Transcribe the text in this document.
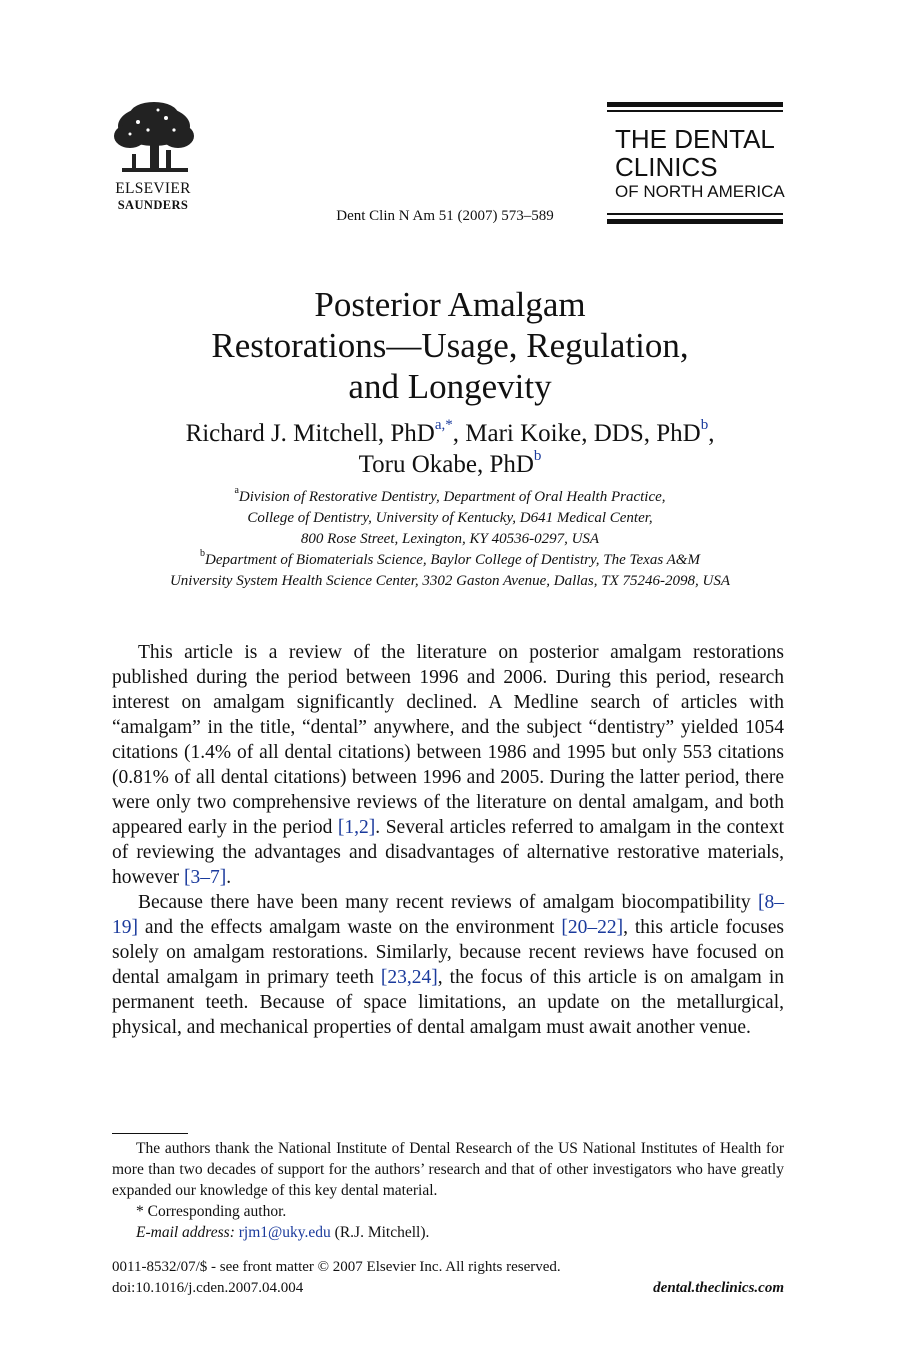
ELSEVIER
SAUNDERS
Dent Clin N Am 51 (2007) 573–589
THE DENTAL
CLINICS
OF NORTH AMERICA
Posterior Amalgam
Restorations—Usage, Regulation,
and Longevity
Richard J. Mitchell, PhD$^{a,*}$, Mari Koike, DDS, PhD$^b$,
Toru Okabe, PhD$^b$
$^a$Division of Restorative Dentistry, Department of Oral Health Practice,
College of Dentistry, University of Kentucky, D641 Medical Center,
800 Rose Street, Lexington, KY 40536-0297, USA
$^b$Department of Biomaterials Science, Baylor College of Dentistry, The Texas A&M
University System Health Science Center, 3302 Gaston Avenue, Dallas, TX 75246-2098, USA

This article is a review of the literature on posterior amalgam restorations published during the period between 1996 and 2006. During this period, research interest on amalgam significantly declined. A Medline search of articles with “amalgam” in the title, “dental” anywhere, and the subject “dentistry” yielded 1054 citations (1.4% of all dental citations) between 1986 and 1995 but only 553 citations (0.81% of all dental citations) between 1996 and 2005. During the latter period, there were only two comprehensive reviews of the literature on dental amalgam, and both appeared early in the period [1,2]. Several articles referred to amalgam in the context of reviewing the advantages and disadvantages of alternative restorative materials, however [3–7].

Because there have been many recent reviews of amalgam biocompatibility [8–19] and the effects amalgam waste on the environment [20–22], this article focuses solely on amalgam restorations. Similarly, because recent reviews have focused on dental amalgam in primary teeth [23,24], the focus of this article is on amalgam in permanent teeth. Because of space limitations, an update on the metallurgical, physical, and mechanical properties of dental amalgam must await another venue.

The authors thank the National Institute of Dental Research of the US National Institutes of Health for more than two decades of support for the authors’ research and that of other investigators who have greatly expanded our knowledge of this key dental material.

* Corresponding author.

E-mail address: rjm1@uky.edu (R.J. Mitchell).

0011-8532/07/$ - see front matter © 2007 Elsevier Inc. All rights reserved.
doi:10.1016/j.cden.2007.04.004	dental.theclinics.com
